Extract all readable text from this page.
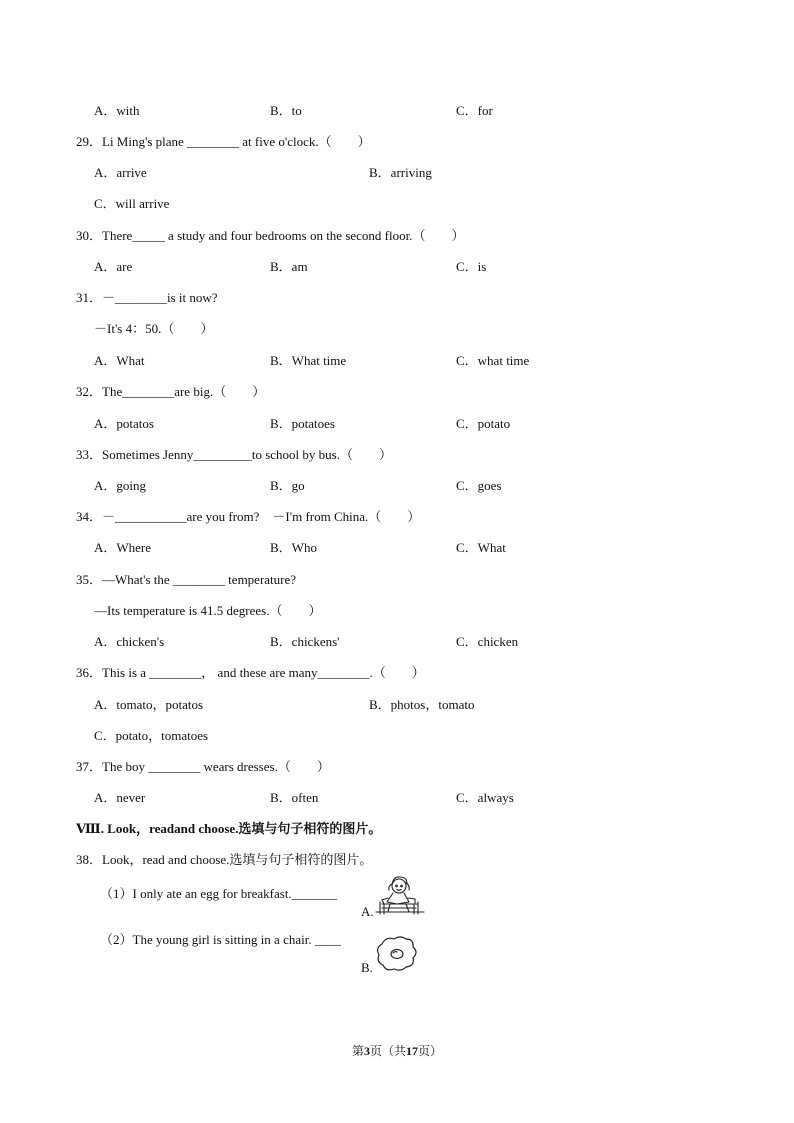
A．with	B．to	C．for
29．Li Ming's plane ________ at five o'clock.（　　）
A．arrive	B．arriving
C．will arrive
30．There_____ a study and four bedrooms on the second floor.（　　）
A．are	B．am	C．is
31．－________is it now?
－It's 4：50.（　　）
A．What	B．What time	C．what time
32．The________are big.（　　）
A．potatos	B．potatoes	C．potato
33．Sometimes Jenny_________to school by bus.（　　）
A．going	B．go	C．goes
34．－___________are you from?　－I'm from China.（　　）
A．Where	B．Who	C．What
35．—What's the ________ temperature?
—Its temperature is 41.5 degrees.（　　）
A．chicken's	B．chickens'	C．chicken
36．This is a ________， and these are many________.（　　）
A．tomato，potatos	B．photos，tomato
C．potato，tomatoes
37．The boy ________ wears dresses.（　　）
A．never	B．often	C．always
Ⅷ. Look，readand choose.选填与句子相符的图片。
38．Look，read and choose.选填与句子相符的图片。
（1）I only ate an egg for breakfast._______
（2）The young girl is sitting in a chair. ____
A.
B.
第3页（共17页）
